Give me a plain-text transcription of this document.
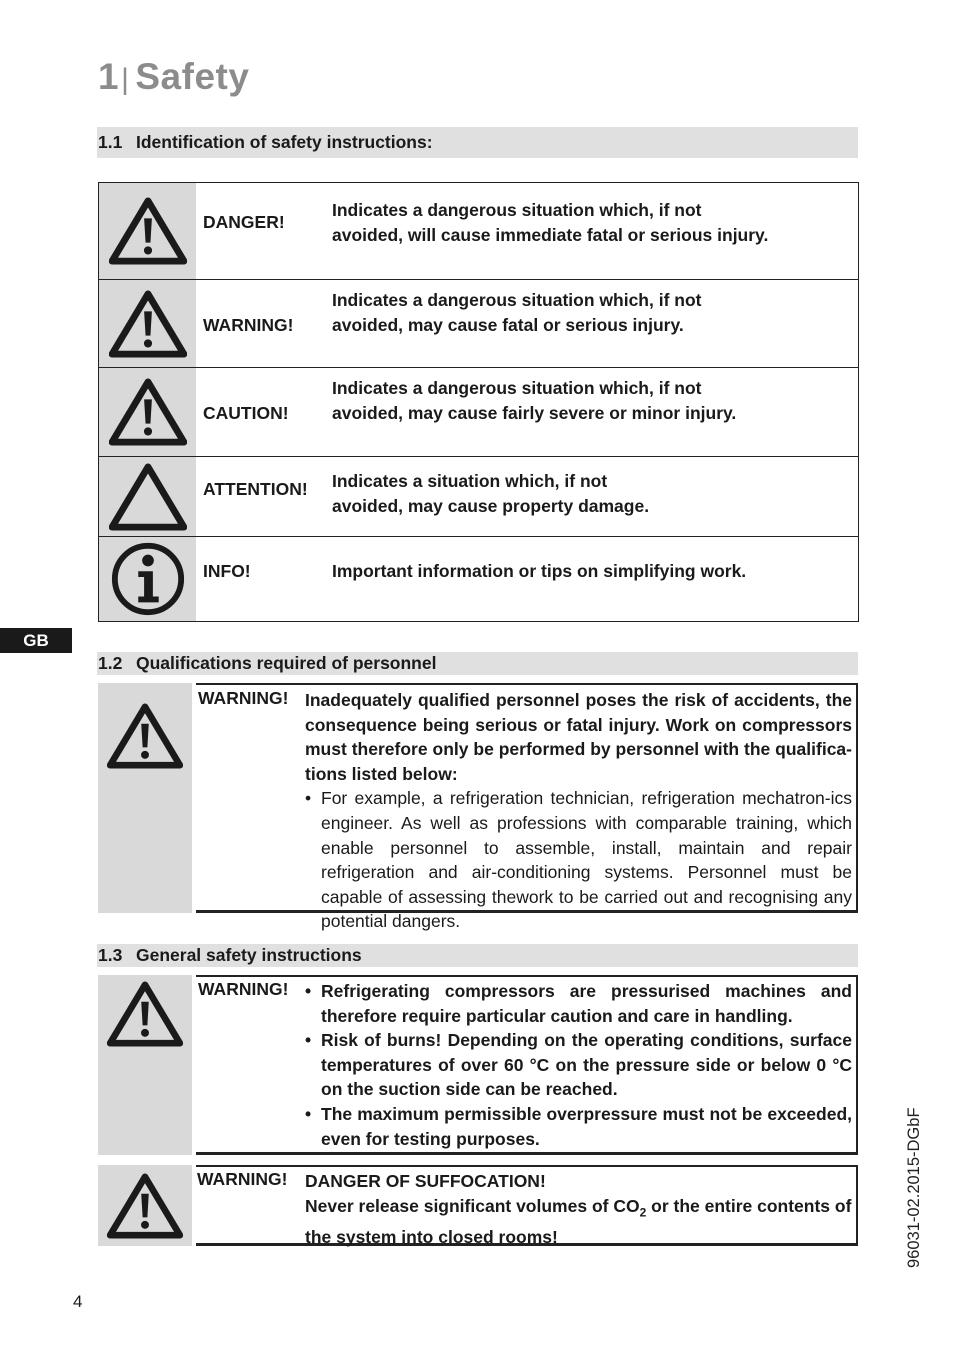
1| Safety
1.1 Identification of safety instructions:
DANGER!
Indicates a dangerous situation which, if not
avoided, will cause immediate fatal or serious injury.
WARNING!
Indicates a dangerous situation which, if not
avoided, may cause fatal or serious injury.
CAUTION!
Indicates a dangerous situation which, if not
avoided, may cause fairly severe or minor injury.
ATTENTION! Indicates a situation which, if not
avoided, may cause property damage.
INFO!	Important information or tips on simplifying work.
GB
1.2 Qualifications required of personnel
WARNING! Inadequately qualified personnel poses the risk of accidents, the consequence being serious or fatal injury. Work on compressors must therefore only be performed by personnel with the qualifica-tions listed below:
• For example, a refrigeration technician, refrigeration mechatron-ics engineer. As well as professions with comparable training, which enable personnel to assemble, install, maintain and repair refrigeration and air-conditioning systems. Personnel must be capable of assessing thework to be carried out and recognising any potential dangers.
1.3 General safety instructions
WARNING!
•	Refrigerating compressors are pressurised machines and therefore require particular caution and care in handling.
• Risk of burns! Depending on the operating conditions, surface temperatures of over 60 °C on the pressure side or below 0 °C on the suction side can be reached.
• The maximum permissible overpressure must not be exceeded, even for testing purposes.
WARNING! DANGER OF SUFFOCATION!
Never release significant volumes of $CO_2$ or the entire contents of
the system into closed rooms!	96031-02.2015-DGbF
4
